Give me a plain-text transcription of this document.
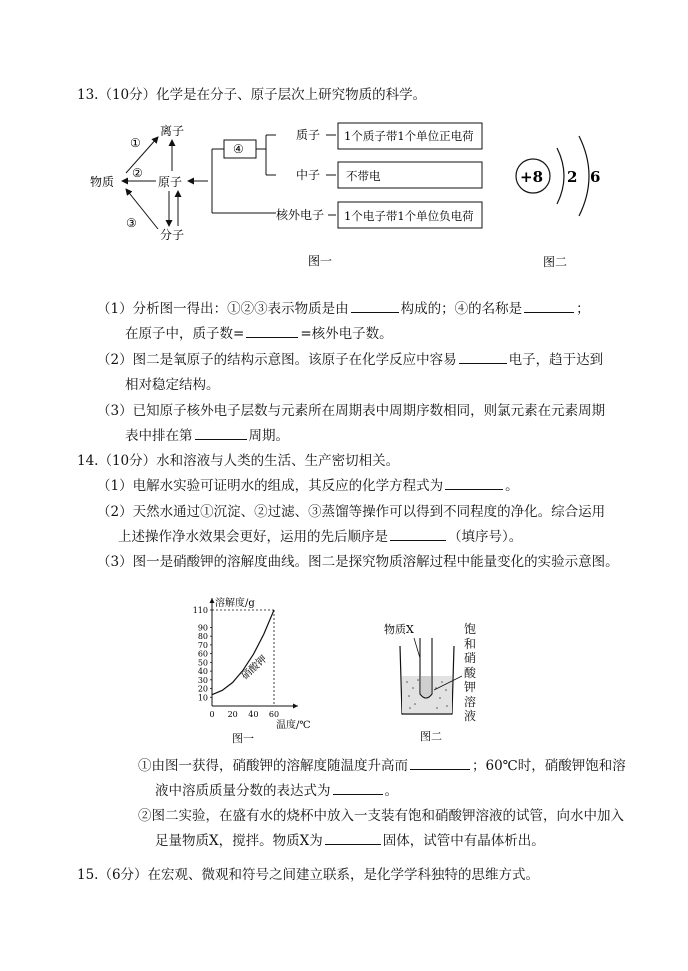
13.（10分）化学是在分子、原子层次上研究物质的科学。
离子
物质	原子
分子
①
②
③
④
质子
中子
核外电子
1个质子带1个单位正电荷
不带电
1个电子带1个单位负电荷
图一
+8 2 6
图二
（1）分析图一得出：①②③表示物质是由	构成的；④的名称是	；
在原子中，质子数=	=核外电子数。
（2）图二是氧原子的结构示意图。该原子在化学反应中容易	电子，趋于达到
相对稳定结构。
（3）已知原子核外电子层数与元素所在周期表中周期序数相同，则氯元素在元素周期
表中排在第	周期。
14.（10分）水和溶液与人类的生活、生产密切相关。
（1）电解水实验可证明水的组成，其反应的化学方程式为	。
（2）天然水通过①沉淀、②过滤、③蒸馏等操作可以得到不同程度的净化。综合运用
上述操作净水效果会更好，运用的先后顺序是	（填序号）。
（3）图一是硝酸钾的溶解度曲线。图二是探究物质溶解过程中能量变化的实验示意图。
溶解度/g
温度/℃
10
20
30
40
50
60
70
80
90
110
0 20 40 60
硝酸钾
图一
物质X
图二
饱
和
硝
酸
钾
溶
液
①由图一获得，硝酸钾的溶解度随温度升高而	；60℃时，硝酸钾饱和溶
液中溶质质量分数的表达式为	。
②图二实验，在盛有水的烧杯中放入一支装有饱和硝酸钾溶液的试管，向水中加入
足量物质X，搅拌。物质X为	固体，试管中有晶体析出。
15.（6分）在宏观、微观和符号之间建立联系，是化学学科独特的思维方式。
